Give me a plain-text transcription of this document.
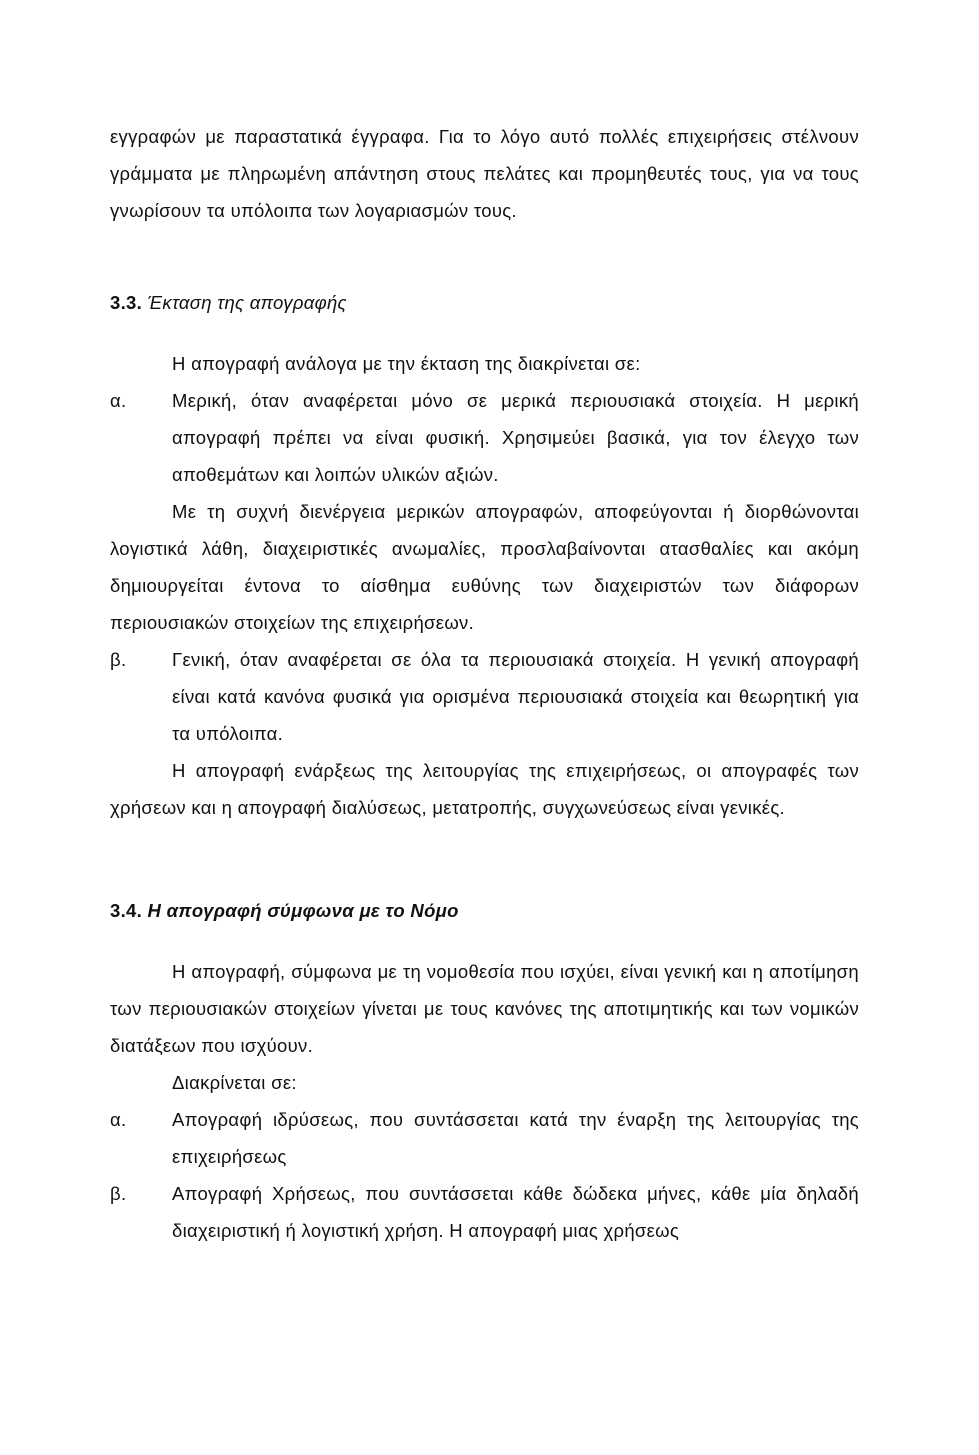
εγγραφών με παραστατικά έγγραφα. Για το λόγο αυτό πολλές επιχειρήσεις στέλνουν γράμματα με πληρωμένη απάντηση στους πελάτες και προμηθευτές τους, για να τους γνωρίσουν τα υπόλοιπα των λογαριασμών τους.

3.3. Έκταση της απογραφής

Η απογραφή ανάλογα με την έκταση της διακρίνεται σε:

α.	Μερική, όταν αναφέρεται μόνο σε μερικά περιουσιακά στοιχεία. Η μερική απογραφή πρέπει να είναι φυσική. Χρησιμεύει βασικά, για τον έλεγχο των αποθεμάτων και λοιπών υλικών αξιών.

Με τη συχνή διενέργεια μερικών απογραφών, αποφεύγονται ή διορθώνονται λογιστικά λάθη, διαχειριστικές ανωμαλίες, προσλαβαίνονται ατασθαλίες και ακόμη δημιουργείται έντονα το αίσθημα ευθύνης των διαχειριστών των διάφορων περιουσιακών στοιχείων της επιχειρήσεων.

β.	Γενική, όταν αναφέρεται σε όλα τα περιουσιακά στοιχεία. Η γενική απογραφή είναι κατά κανόνα φυσικά για ορισμένα περιουσιακά στοιχεία και θεωρητική για τα υπόλοιπα.

Η απογραφή ενάρξεως της λειτουργίας της επιχειρήσεως, οι απογραφές των χρήσεων και η απογραφή διαλύσεως, μετατροπής, συγχωνεύσεως είναι γενικές.

3.4. Η απογραφή σύμφωνα με το Νόμο

Η απογραφή, σύμφωνα με τη νομοθεσία που ισχύει, είναι γενική και η αποτίμηση των περιουσιακών στοιχείων γίνεται με τους κανόνες της αποτιμητικής και των νομικών διατάξεων που ισχύουν.

Διακρίνεται σε:

α.	Απογραφή ιδρύσεως, που συντάσσεται κατά την έναρξη της λειτουργίας της επιχειρήσεως

β.	Απογραφή Χρήσεως, που συντάσσεται κάθε δώδεκα μήνες, κάθε μία δηλαδή διαχειριστική ή λογιστική χρήση. Η απογραφή μιας χρήσεως
